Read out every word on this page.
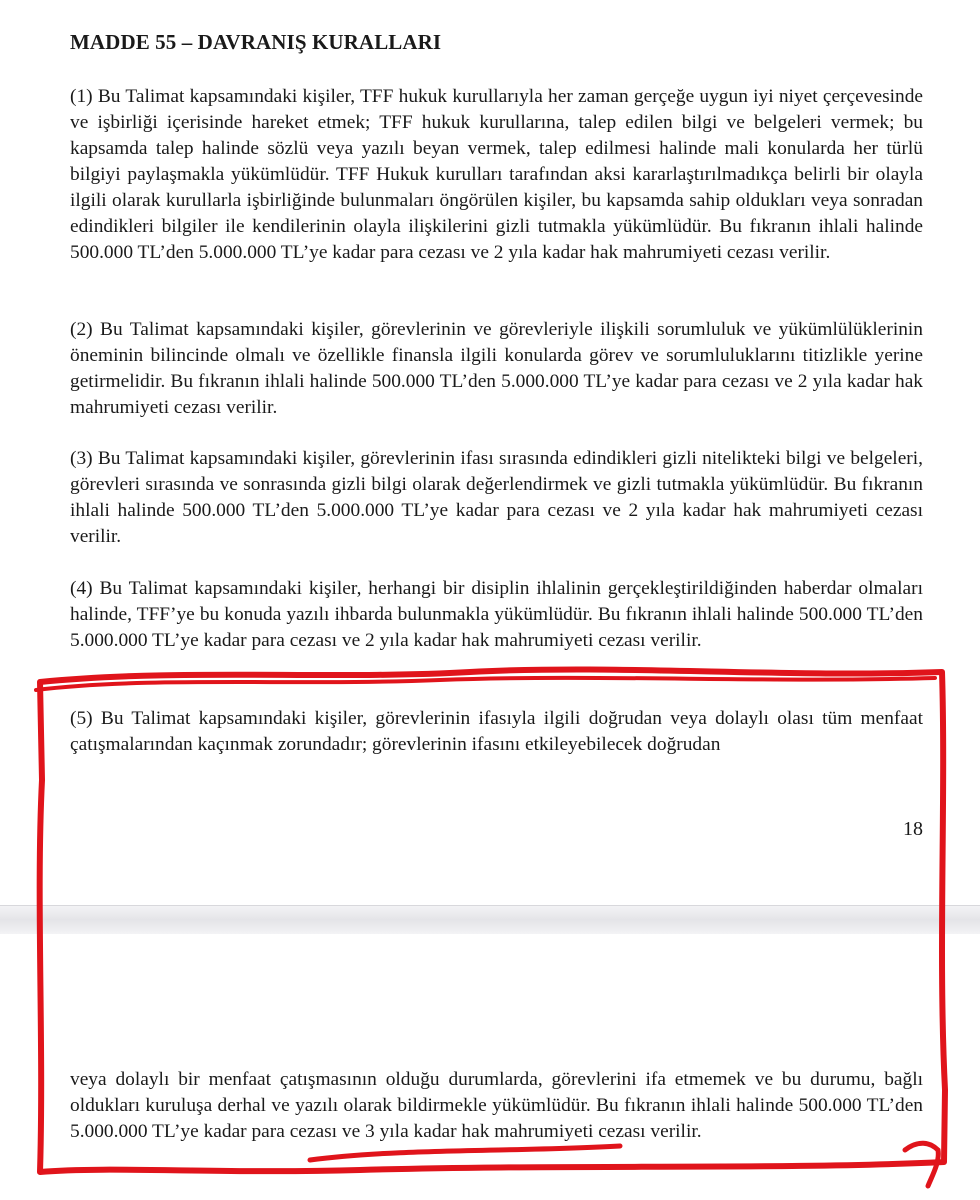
MADDE 55 – DAVRANIŞ KURALLARI

(1) Bu Talimat kapsamındaki kişiler, TFF hukuk kurullarıyla her zaman gerçeğe uygun iyi niyet çerçevesinde ve işbirliği içerisinde hareket etmek; TFF hukuk kurullarına, talep edilen bilgi ve belgeleri vermek; bu kapsamda talep halinde sözlü veya yazılı beyan vermek, talep edilmesi halinde mali konularda her türlü bilgiyi paylaşmakla yükümlüdür. TFF Hukuk kurulları tarafından aksi kararlaştırılmadıkça belirli bir olayla ilgili olarak kurullarla işbirliğinde bulunmaları öngörülen kişiler, bu kapsamda sahip oldukları veya sonradan edindikleri bilgiler ile kendilerinin olayla ilişkilerini gizli tutmakla yükümlüdür. Bu fıkranın ihlali halinde 500.000 TL’den 5.000.000 TL’ye kadar para cezası ve 2 yıla kadar hak mahrumiyeti cezası verilir.

(2) Bu Talimat kapsamındaki kişiler, görevlerinin ve görevleriyle ilişkili sorumluluk ve yükümlülüklerinin öneminin bilincinde olmalı ve özellikle finansla ilgili konularda görev ve sorumluluklarını titizlikle yerine getirmelidir. Bu fıkranın ihlali halinde 500.000 TL’den 5.000.000 TL’ye kadar para cezası ve 2 yıla kadar hak mahrumiyeti cezası verilir.

(3) Bu Talimat kapsamındaki kişiler, görevlerinin ifası sırasında edindikleri gizli nitelikteki bilgi ve belgeleri, görevleri sırasında ve sonrasında gizli bilgi olarak değerlendirmek ve gizli tutmakla yükümlüdür. Bu fıkranın ihlali halinde 500.000 TL’den 5.000.000 TL’ye kadar para cezası ve 2 yıla kadar hak mahrumiyeti cezası verilir.

(4) Bu Talimat kapsamındaki kişiler, herhangi bir disiplin ihlalinin gerçekleştirildiğinden haberdar olmaları halinde, TFF’ye bu konuda yazılı ihbarda bulunmakla yükümlüdür. Bu fıkranın ihlali halinde 500.000 TL’den 5.000.000 TL’ye kadar para cezası ve 2 yıla kadar hak mahrumiyeti cezası verilir.

(5) Bu Talimat kapsamındaki kişiler, görevlerinin ifasıyla ilgili doğrudan veya dolaylı olası tüm menfaat çatışmalarından kaçınmak zorundadır; görevlerinin ifasını etkileyebilecek doğrudan

18

veya dolaylı bir menfaat çatışmasının olduğu durumlarda, görevlerini ifa etmemek ve bu durumu, bağlı oldukları kuruluşa derhal ve yazılı olarak bildirmekle yükümlüdür. Bu fıkranın ihlali halinde 500.000 TL’den 5.000.000 TL’ye kadar para cezası ve 3 yıla kadar hak mahrumiyeti cezası verilir.
